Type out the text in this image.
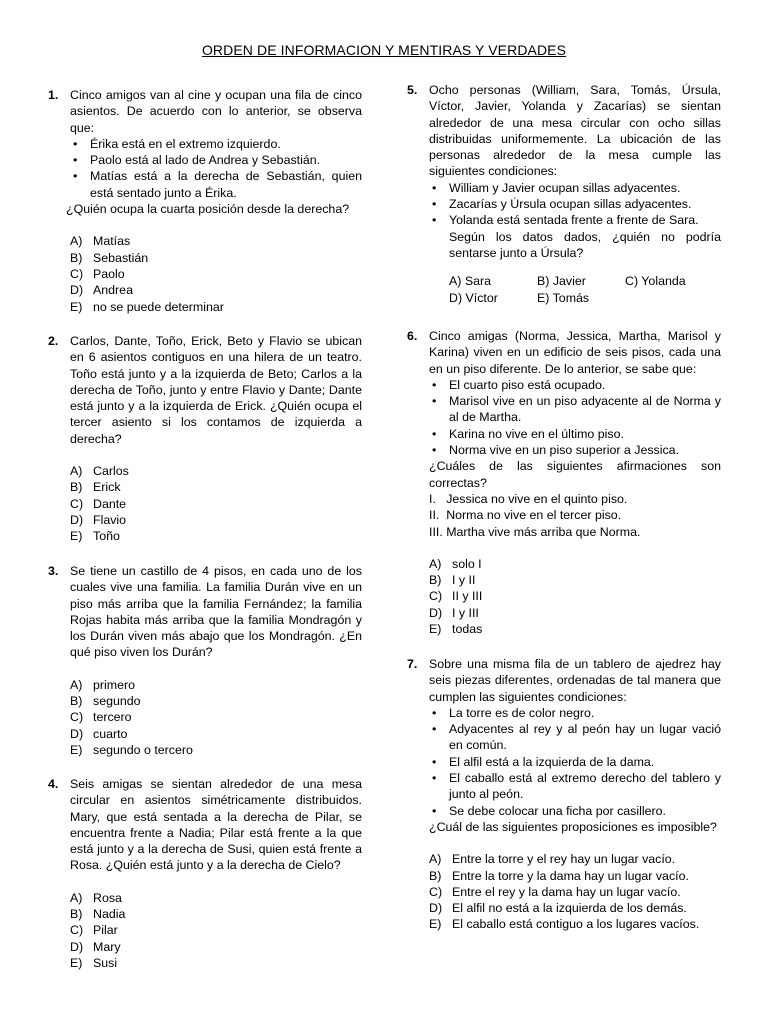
ORDEN DE INFORMACION Y MENTIRAS Y VERDADES
1. Cinco amigos van al cine y ocupan una fila de cinco asientos. De acuerdo con lo anterior, se observa que:
• Érika está en el extremo izquierdo.
• Paolo está al lado de Andrea y Sebastián.
• Matías está a la derecha de Sebastián, quien está sentado junto a Érika.
¿Quién ocupa la cuarta posición desde la derecha?
A) Matías
B) Sebastián
C) Paolo
D) Andrea
E) no se puede determinar
2. Carlos, Dante, Toño, Erick, Beto y Flavio se ubican en 6 asientos contiguos en una hilera de un teatro. Toño está junto y a la izquierda de Beto; Carlos a la derecha de Toño, junto y entre Flavio y Dante; Dante está junto y a la izquierda de Erick. ¿Quién ocupa el tercer asiento si los contamos de izquierda a derecha?
A) Carlos
B) Erick
C) Dante
D) Flavio
E) Toño
3. Se tiene un castillo de 4 pisos, en cada uno de los cuales vive una familia. La familia Durán vive en un piso más arriba que la familia Fernández; la familia Rojas habita más arriba que la familia Mondragón y los Durán viven más abajo que los Mondragón. ¿En qué piso viven los Durán?
A) primero
B) segundo
C) tercero
D) cuarto
E) segundo o tercero
4. Seis amigas se sientan alrededor de una mesa circular en asientos simétricamente distribuidos. Mary, que está sentada a la derecha de Pilar, se encuentra frente a Nadia; Pilar está frente a la que está junto y a la derecha de Susi, quien está frente a Rosa. ¿Quién está junto y a la derecha de Cielo?
A) Rosa
B) Nadia
C) Pilar
D) Mary
E) Susi
5. Ocho personas (William, Sara, Tomás, Úrsula, Víctor, Javier, Yolanda y Zacarías) se sientan alrededor de una mesa circular con ocho sillas distribuidas uniformemente. La ubicación de las personas alrededor de la mesa cumple las siguientes condiciones:
• William y Javier ocupan sillas adyacentes.
• Zacarías y Úrsula ocupan sillas adyacentes.
• Yolanda está sentada frente a frente de Sara.
Según los datos dados, ¿quién no podría sentarse junto a Úrsula?
A) Sara	B) Javier	C) Yolanda
D) Víctor	E) Tomás
6. Cinco amigas (Norma, Jessica, Martha, Marisol y Karina) viven en un edificio de seis pisos, cada una en un piso diferente. De lo anterior, se sabe que:
• El cuarto piso está ocupado.
• Marisol vive en un piso adyacente al de Norma y al de Martha.
• Karina no vive en el último piso.
• Norma vive en un piso superior a Jessica.
¿Cuáles de las siguientes afirmaciones son correctas?
I.   Jessica no vive en el quinto piso.
II.  Norma no vive en el tercer piso.
III. Martha vive más arriba que Norma.
A) solo I
B) I y II
C) II y III
D) I y III
E) todas
7. Sobre una misma fila de un tablero de ajedrez hay seis piezas diferentes, ordenadas de tal manera que cumplen las siguientes condiciones:
• La torre es de color negro.
• Adyacentes al rey y al peón hay un lugar vació en común.
• El alfil está a la izquierda de la dama.
• El caballo está al extremo derecho del tablero y junto al peón.
• Se debe colocar una ficha por casillero.
¿Cuál de las siguientes proposiciones es imposible?
A) Entre la torre y el rey hay un lugar vacío.
B) Entre la torre y la dama hay un lugar vacío.
C) Entre el rey y la dama hay un lugar vacío.
D) El alfil no está a la izquierda de los demás.
E) El caballo está contiguo a los lugares vacíos.
